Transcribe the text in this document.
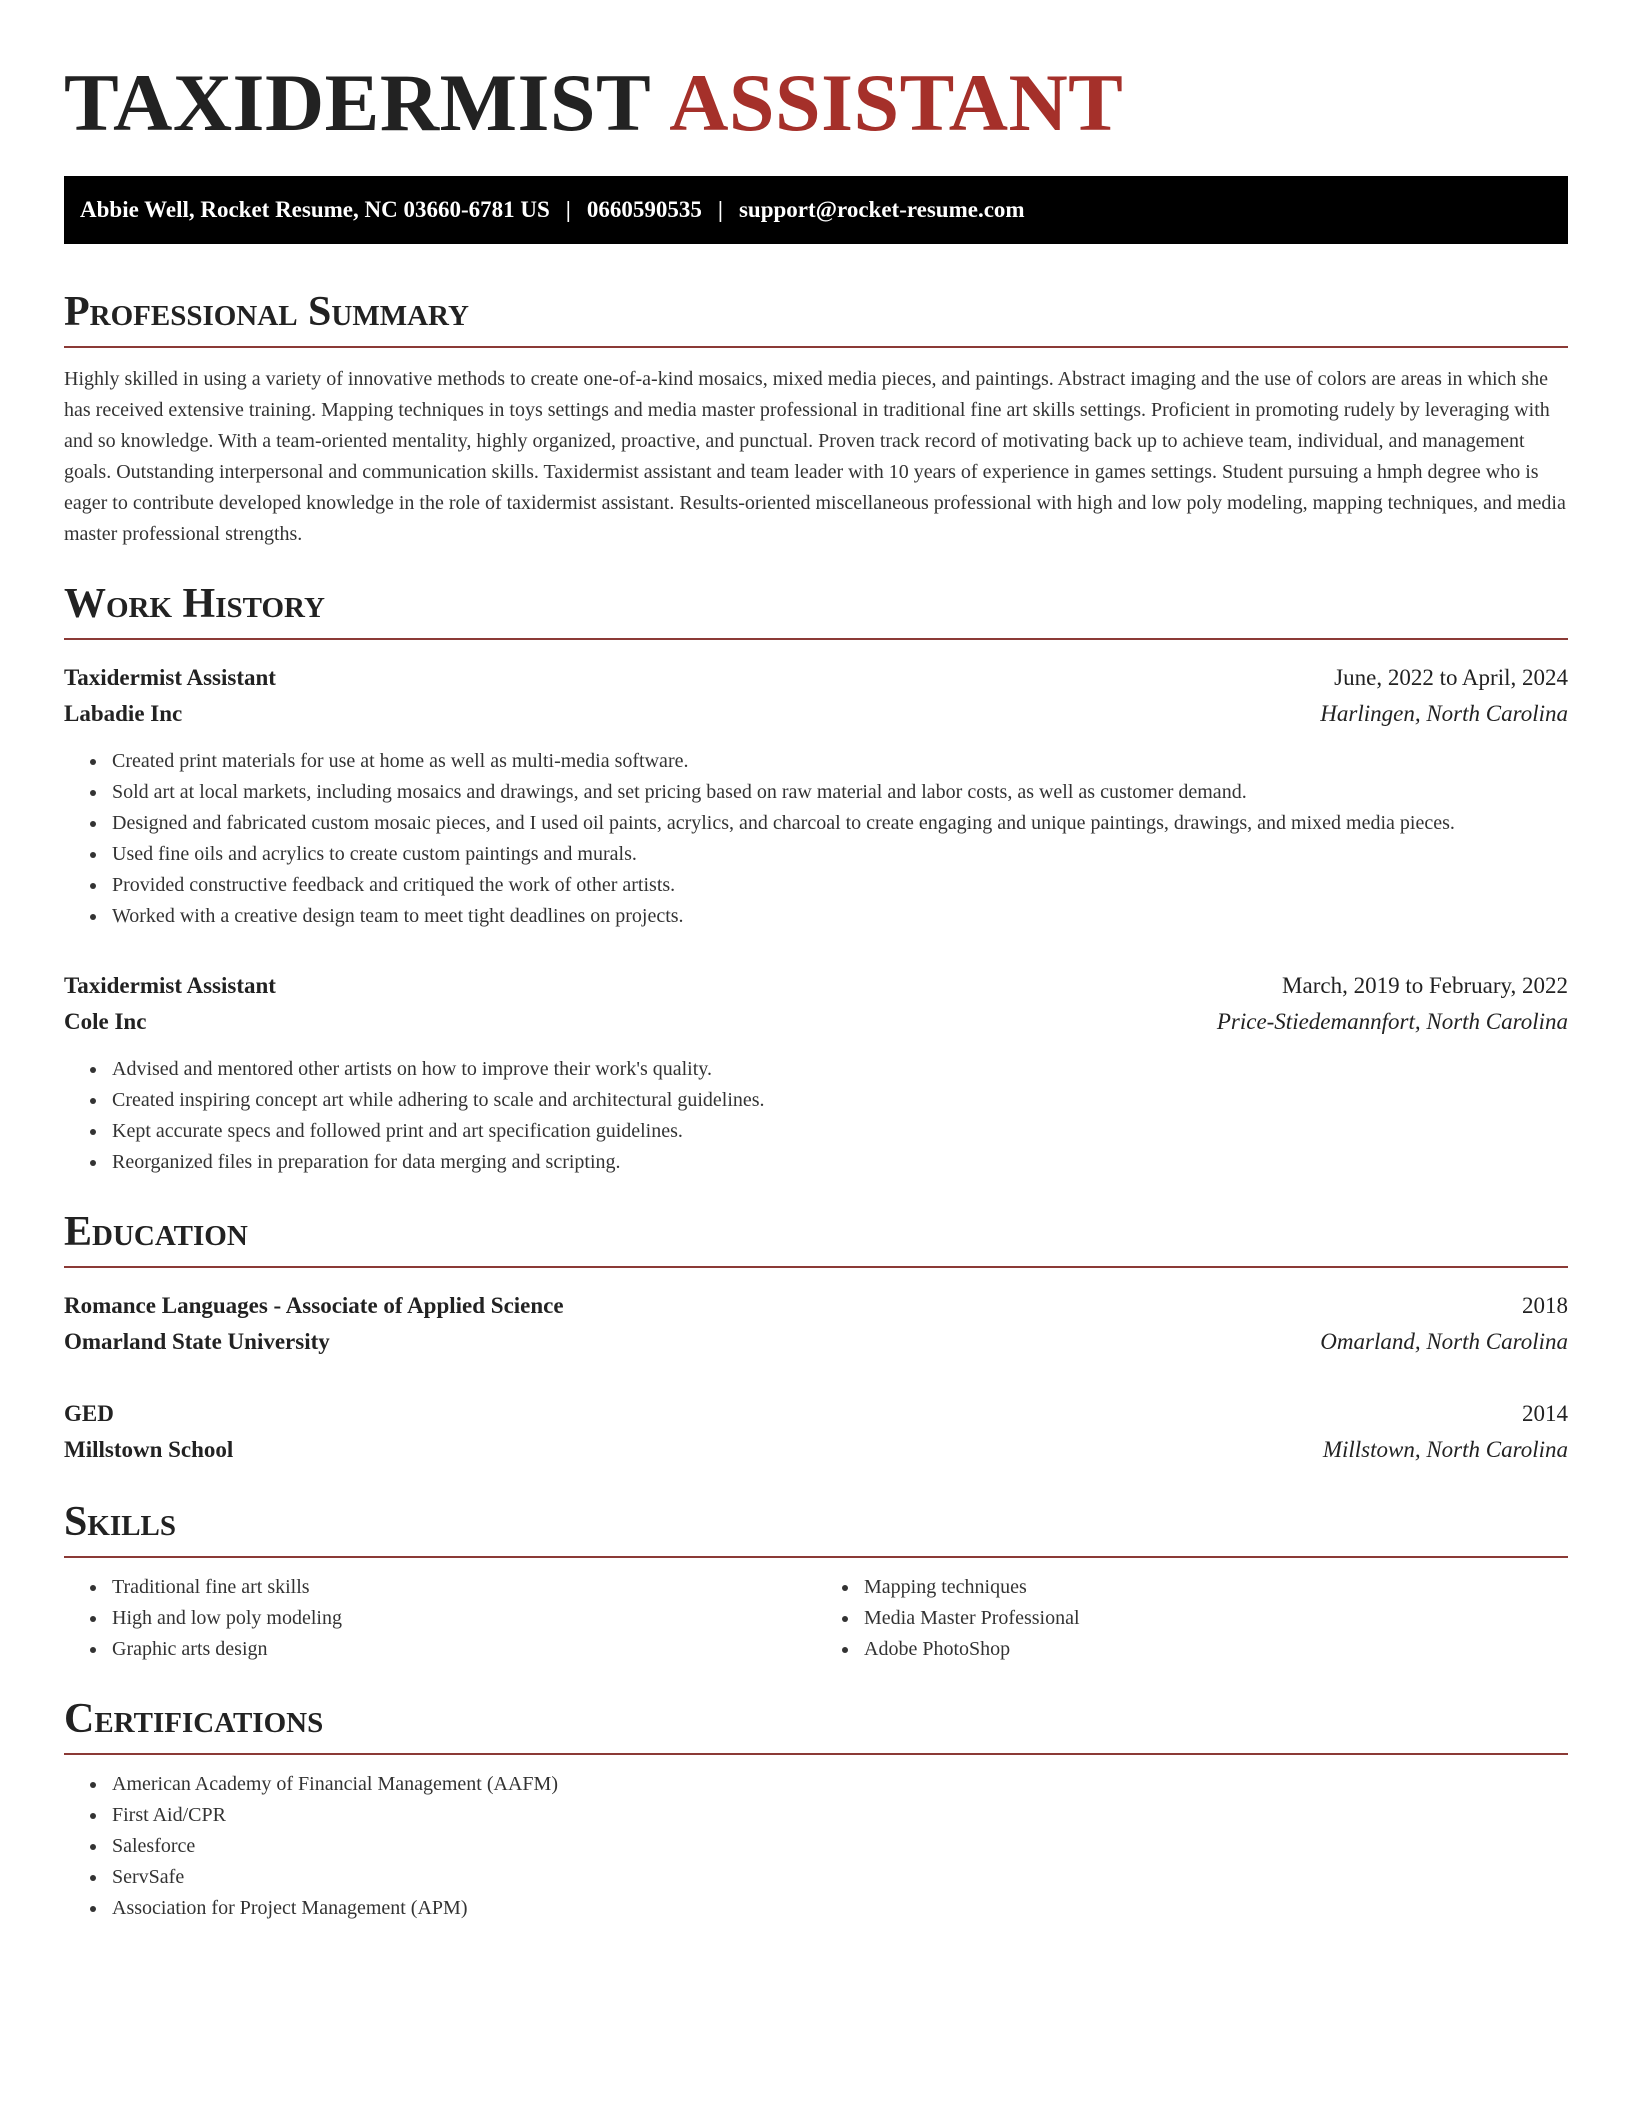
TAXIDERMIST ASSISTANT
Abbie Well, Rocket Resume, NC 03660-6781 US | 0660590535 | support@rocket-resume.com
Professional Summary

Highly skilled in using a variety of innovative methods to create one-of-a-kind mosaics, mixed media pieces, and paintings. Abstract imaging and the use of colors are areas in which she has received extensive training. Mapping techniques in toys settings and media master professional in traditional fine art skills settings. Proficient in promoting rudely by leveraging with and so knowledge. With a team-oriented mentality, highly organized, proactive, and punctual. Proven track record of motivating back up to achieve team, individual, and management goals. Outstanding interpersonal and communication skills. Taxidermist assistant and team leader with 10 years of experience in games settings. Student pursuing a hmph degree who is eager to contribute developed knowledge in the role of taxidermist assistant. Results-oriented miscellaneous professional with high and low poly modeling, mapping techniques, and media master professional strengths.

Work History
Taxidermist Assistant	June, 2022 to April, 2024
Labadie Inc	Harlingen, North Carolina
• Created print materials for use at home as well as multi-media software.
• Sold art at local markets, including mosaics and drawings, and set pricing based on raw material and labor costs, as well as customer demand.
• Designed and fabricated custom mosaic pieces, and I used oil paints, acrylics, and charcoal to create engaging and unique paintings, drawings, and mixed media pieces.
• Used fine oils and acrylics to create custom paintings and murals.
• Provided constructive feedback and critiqued the work of other artists.
• Worked with a creative design team to meet tight deadlines on projects.
Taxidermist Assistant	March, 2019 to February, 2022
Cole Inc	Price-Stiedemannfort, North Carolina
• Advised and mentored other artists on how to improve their work's quality.
• Created inspiring concept art while adhering to scale and architectural guidelines.
• Kept accurate specs and followed print and art specification guidelines.
• Reorganized files in preparation for data merging and scripting.
Education
Romance Languages - Associate of Applied Science	2018
Omarland State University	Omarland, North Carolina
GED	2014
Millstown School	Millstown, North Carolina
Skills
• Traditional fine art skills
• High and low poly modeling
• Graphic arts design
• Mapping techniques
• Media Master Professional
• Adobe PhotoShop
Certifications
• American Academy of Financial Management (AAFM)
• First Aid/CPR
• Salesforce
• ServSafe
• Association for Project Management (APM)
